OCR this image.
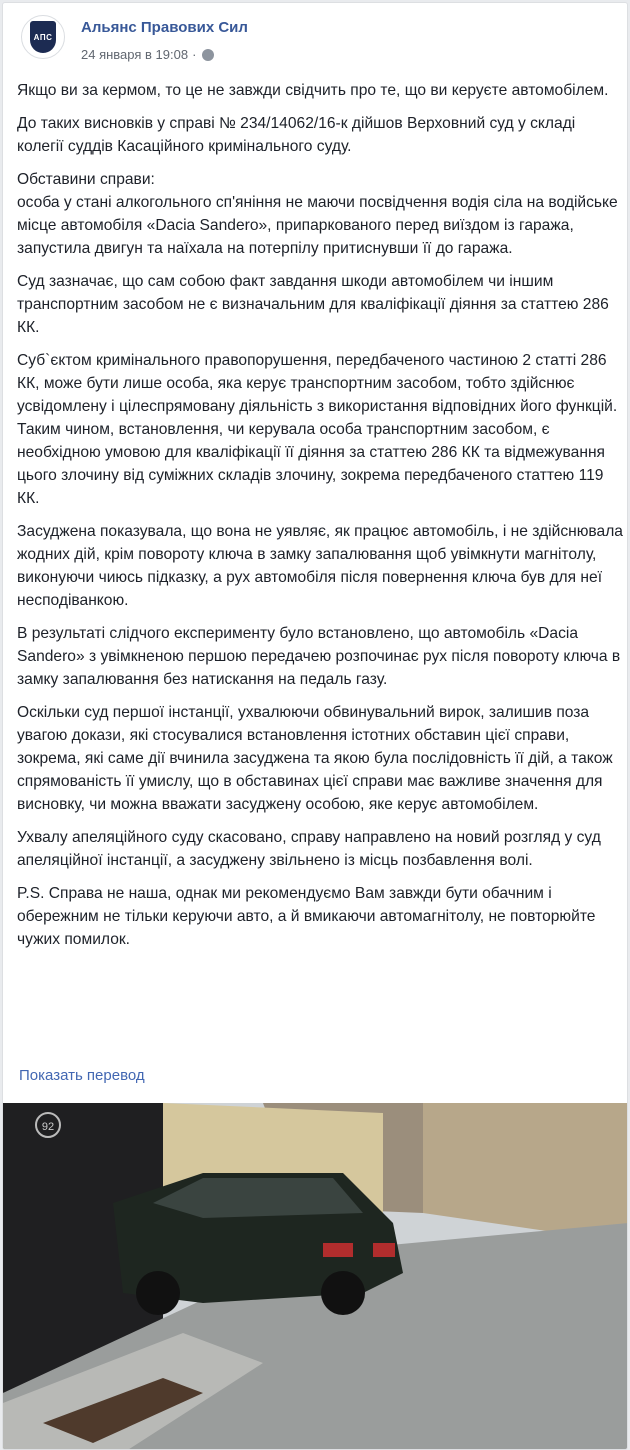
АПС
Альянс Правових Сил
24 января в 19:08 ·

Якщо ви за кермом, то це не завжди свідчить про те, що ви керуєте автомобілем.

До таких висновків у справі № 234/14062/16-к дійшов Верховний суд у складі колегії суддів Касаційного кримінального суду.

Обставини справи:

особа у стані алкогольного сп'яніння не маючи посвідчення водія сіла на водійське місце автомобіля «Dacia Sandero», припаркованого перед виїздом із гаража, запустила двигун та наїхала на потерпілу притиснувши її до гаража.

Суд зазначає, що сам собою факт завдання шкоди автомобілем чи іншим транспортним засобом не є визначальним для кваліфікації діяння за статтею 286 КК.

Суб`єктом кримінального правопорушення, передбаченого частиною 2 статті 286 КК, може бути лише особа, яка керує транспортним засобом, тобто здійснює усвідомлену і цілеспрямовану діяльність з використання відповідних його функцій. Таким чином, встановлення, чи керувала особа транспортним засобом, є необхідною умовою для кваліфікації її діяння за статтею 286 КК та відмежування цього злочину від суміжних складів злочину, зокрема передбаченого статтею 119 КК.

Засуджена показувала, що вона не уявляє, як працює автомобіль, і не здійснювала жодних дій, крім повороту ключа в замку запалювання щоб увімкнути магнітолу, виконуючи чиюсь підказку, а рух автомобіля після повернення ключа був для неї несподіванкою.

В результаті слідчого експерименту було встановлено, що автомобіль «Dacia Sandero» з увімкненою першою передачею розпочинає рух після повороту ключа в замку запалювання без натискання на педаль газу.

Оскільки суд першої інстанції, ухвалюючи обвинувальний вирок, залишив поза увагою докази, які стосувалися встановлення істотних обставин цієї справи, зокрема, які саме дії вчинила засуджена та якою була послідовність її дій, а також спрямованість її умислу, що в обставинах цієї справи має важливе значення для висновку, чи можна вважати засуджену особою, яке керує автомобілем.

Ухвалу апеляційного суду скасовано, справу направлено на новий розгляд у суд апеляційної інстанції, а засуджену звільнено із місць позбавлення волі.

P.S. Справа не наша, однак ми рекомендуємо Вам завжди бути обачним і обережним не тільки керуючи авто, а й вмикаючи автомагнітолу, не повторюйте чужих помилок.

Показать перевод
92
